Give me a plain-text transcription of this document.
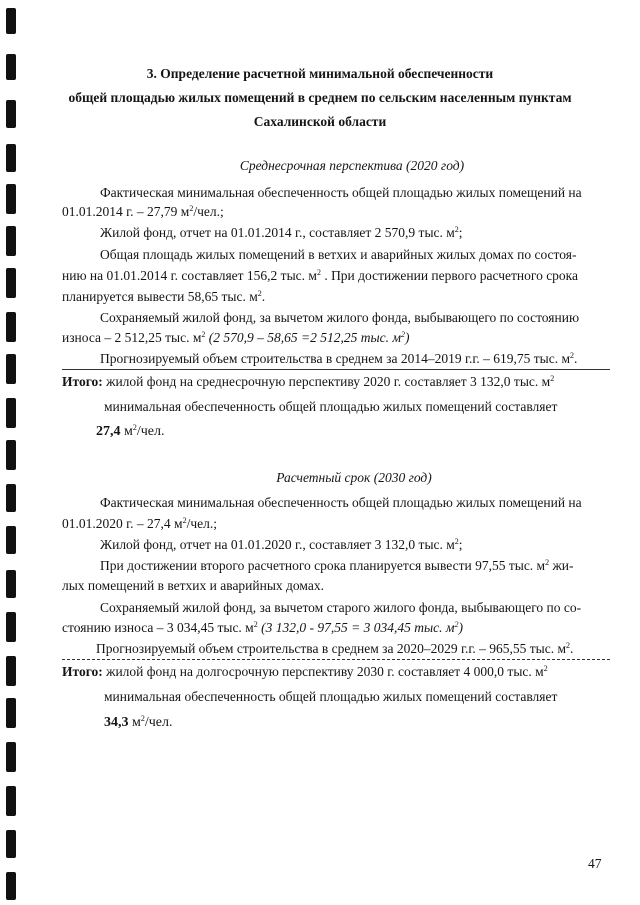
3. Определение расчетной минимальной обеспеченности
общей площадью жилых помещений в среднем по сельским населенным пунктам
Сахалинской области
Среднесрочная перспектива (2020 год)
Фактическая минимальная обеспеченность общей площадью жилых помещений на
01.01.2014 г. – 27,79 $м^2$/чел.;
Жилой фонд, отчет на 01.01.2014 г., составляет 2 570,9 тыс. $м^2$;
Общая площадь жилых помещений в ветхих и аварийных жилых домах по состоя-
нию на 01.01.2014 г. составляет 156,2 тыс. $м^2$ . При достижении первого расчетного срока
планируется вывести 58,65 тыс. $м^2$.
Сохраняемый жилой фонд, за вычетом жилого фонда, выбывающего по состоянию
износа – 2 512,25 тыс. $м^2$ (2 570,9 – 58,65 =2 512,25 тыс. $м^2$)
Прогнозируемый объем строительства в среднем за 2014–2019 г.г. – 619,75 тыс. $м^2$.
Итого: жилой фонд на среднесрочную перспективу 2020 г. составляет 3 132,0 тыс. $м^2$
минимальная обеспеченность общей площадью жилых помещений составляет
27,4 $м^2$/чел.
Расчетный срок (2030 год)
Фактическая минимальная обеспеченность общей площадью жилых помещений на
01.01.2020 г. – 27,4 $м^2$/чел.;
Жилой фонд, отчет на 01.01.2020 г., составляет 3 132,0 тыс. $м^2$;
При достижении второго расчетного срока планируется вывести 97,55 тыс. $м^2$ жи-
лых помещений в ветхих и аварийных домах.
Сохраняемый жилой фонд, за вычетом старого жилого фонда, выбывающего по со-
стоянию износа – 3 034,45 тыс. $м^2$ (3 132,0 - 97,55 = 3 034,45 тыс. $м^2$)
Прогнозируемый объем строительства в среднем за 2020–2029 г.г. – 965,55 тыс. $м^2$.
Итого: жилой фонд на долгосрочную перспективу 2030 г. составляет 4 000,0 тыс. $м^2$
минимальная обеспеченность общей площадью жилых помещений составляет
34,3 $м^2$/чел.
47
